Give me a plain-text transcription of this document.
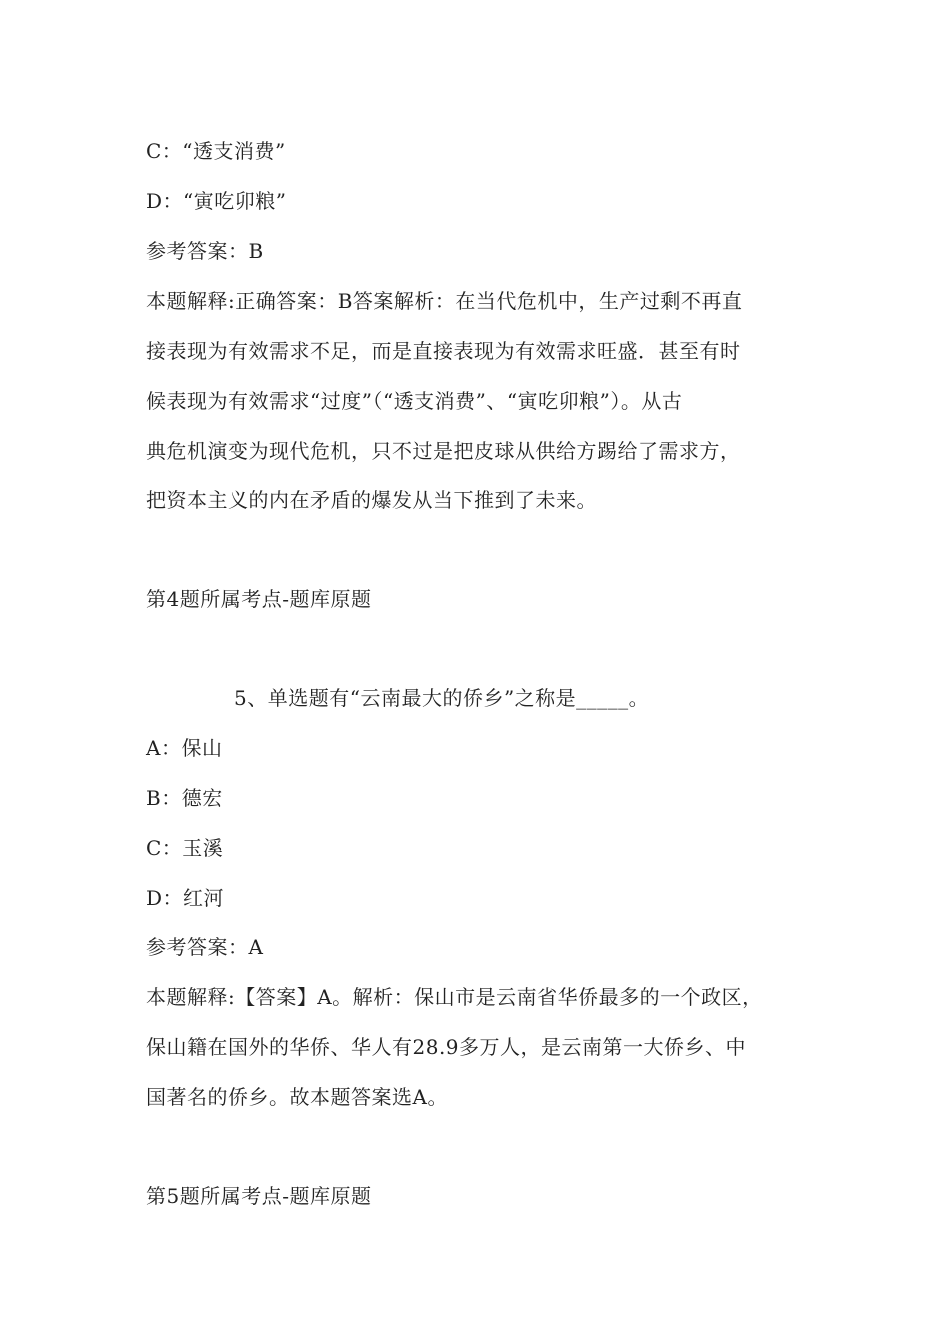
C：“透支消费”
D：“寅吃卯粮”
参考答案：B
本题解释:正确答案：B答案解析：在当代危机中，生产过剩不再直
接表现为有效需求不足，而是直接表现为有效需求旺盛．甚至有时
候表现为有效需求“过度”（“透支消费”、“寅吃卯粮”）。从古
典危机演变为现代危机，只不过是把皮球从供给方踢给了需求方，
把资本主义的内在矛盾的爆发从当下推到了未来。
第4题所属考点-题库原题
5、单选题有“云南最大的侨乡”之称是_____。
A：保山
B：德宏
C：玉溪
D：红河
参考答案：A
本题解释:【答案】A。解析：保山市是云南省华侨最多的一个政区，
保山籍在国外的华侨、华人有28.9多万人，是云南第一大侨乡、中
国著名的侨乡。故本题答案选A。
第5题所属考点-题库原题
